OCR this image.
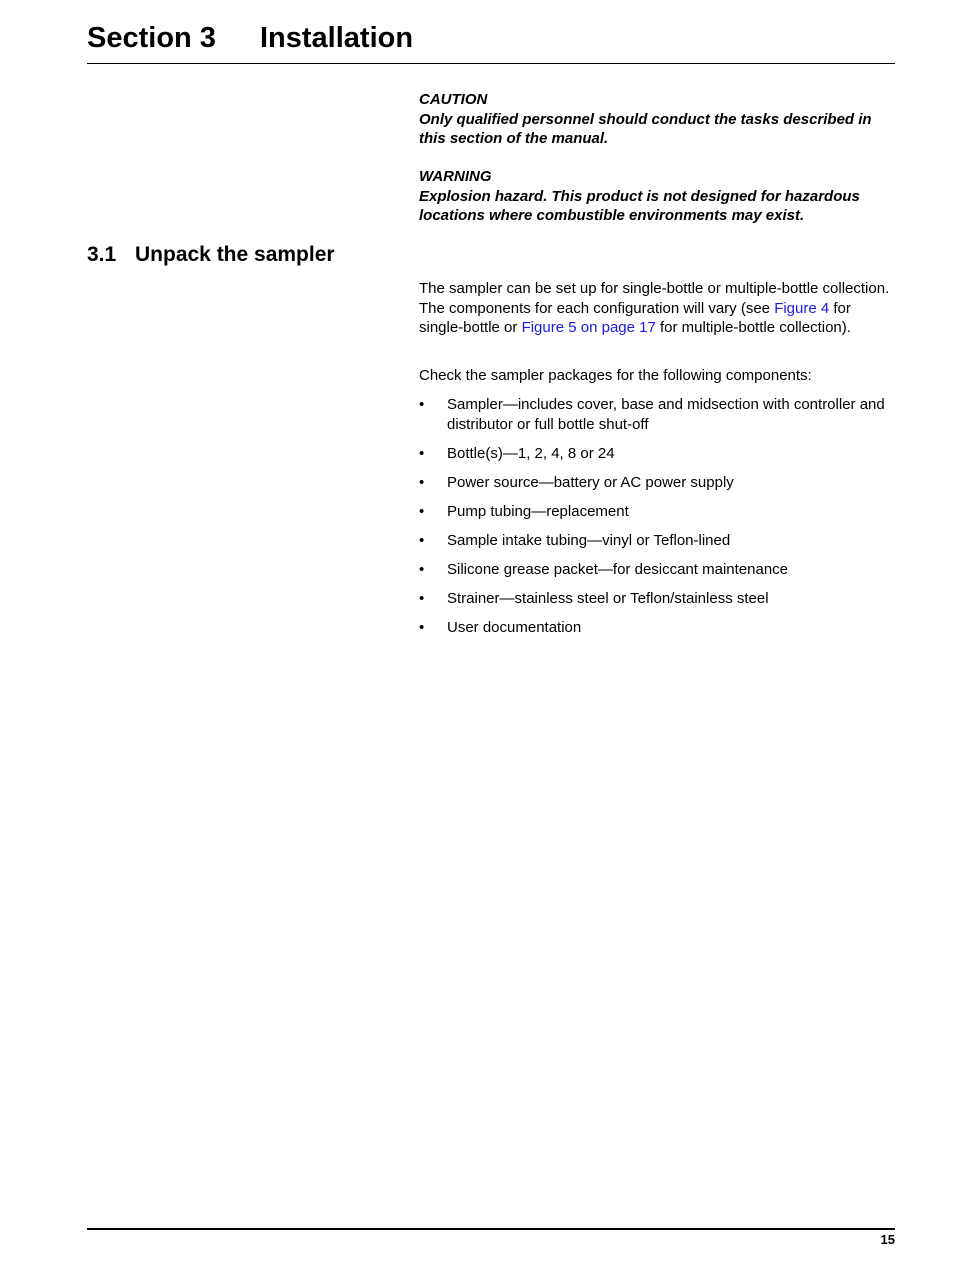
Section 3 Installation

CAUTION

Only qualified personnel should conduct the tasks described in this section of the manual.

WARNING

Explosion hazard. This product is not designed for hazardous locations where combustible environments may exist.

3.1 Unpack the sampler

The sampler can be set up for single-bottle or multiple-bottle collection. The components for each configuration will vary (see Figure 4 for single-bottle or Figure 5 on page 17 for multiple-bottle collection).

Check the sampler packages for the following components:

• Sampler—includes cover, base and midsection with controller and distributor or full bottle shut-off
• Bottle(s)—1, 2, 4, 8 or 24
• Power source—battery or AC power supply
• Pump tubing—replacement
• Sample intake tubing—vinyl or Teflon-lined
• Silicone grease packet—for desiccant maintenance
• Strainer—stainless steel or Teflon/stainless steel
• User documentation
15
